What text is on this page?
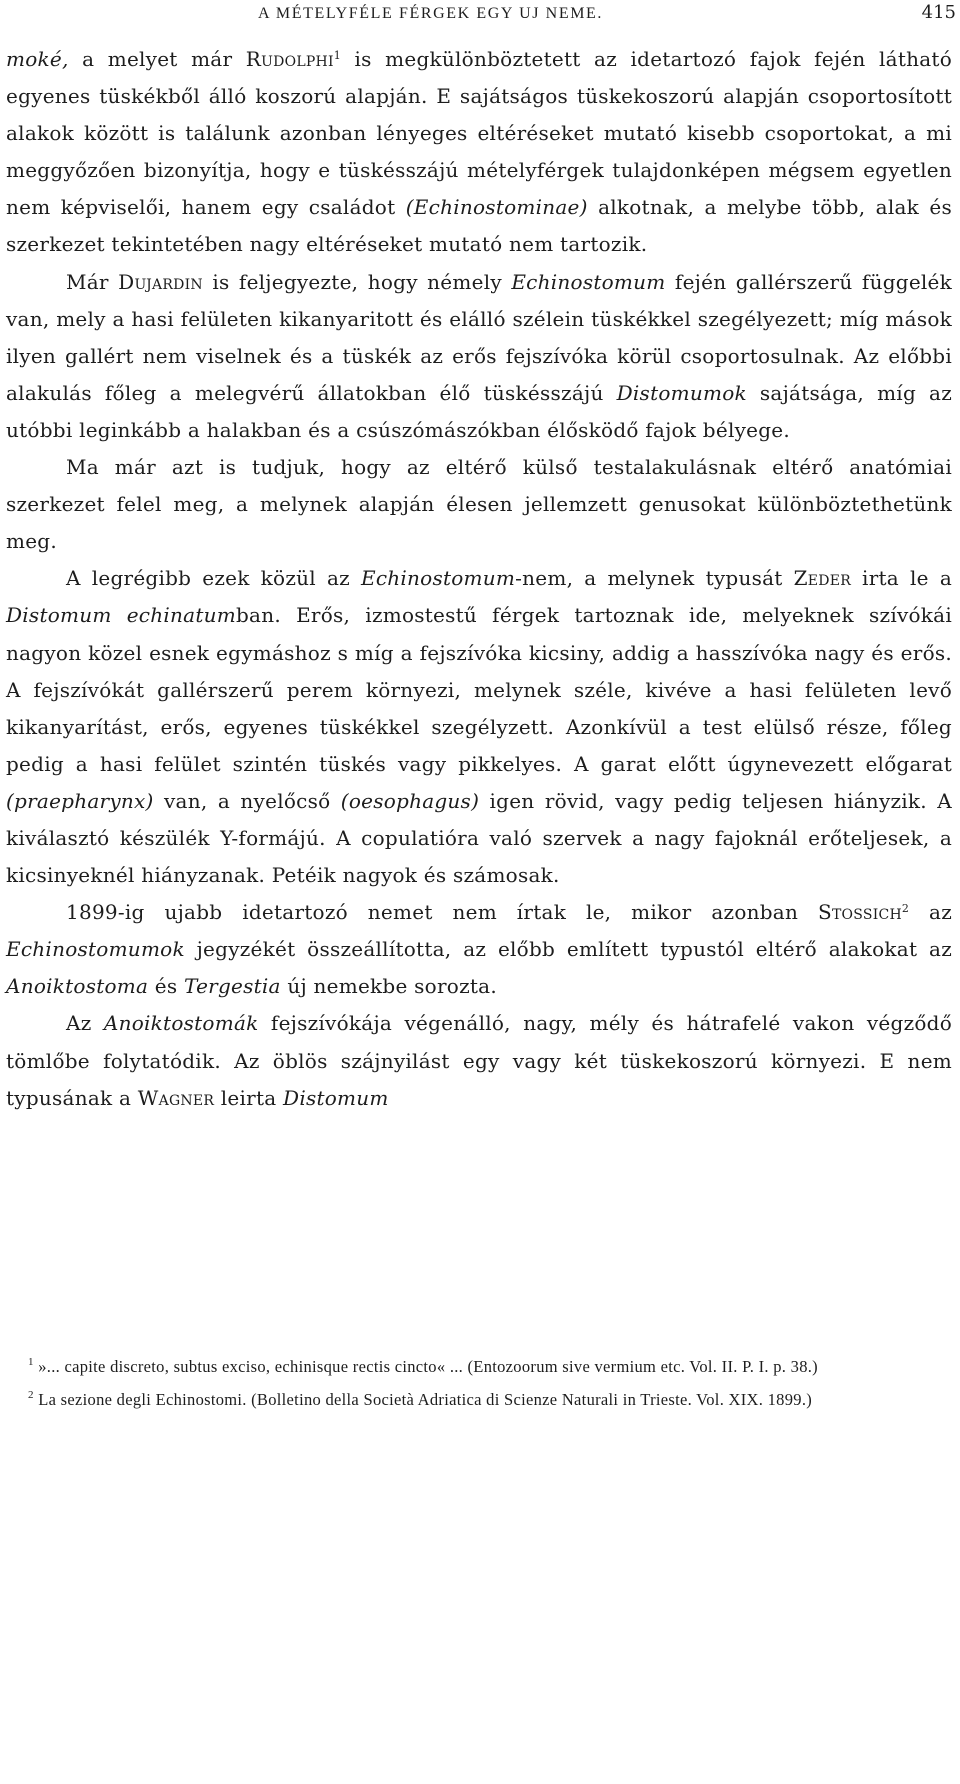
A MÉTELYFÉLE FÉRGEK EGY UJ NEME.	415

moké, a melyet már Rudolphi$^1$ is megkülönböztetett az idetartozó fajok fején látható egyenes tüskékből álló koszorú alapján. E sajátságos tüskekoszorú alapján csoportosított alakok között is találunk azonban lényeges eltéréseket mutató kisebb csoportokat, a mi meggyőzően bizonyítja, hogy e tüskésszájú mételyférgek tulajdonképen mégsem egyetlen nem képviselői, hanem egy családot (Echinostominae) alkotnak, a melybe több, alak és szerkezet tekintetében nagy eltéréseket mutató nem tartozik.

Már Dujardin is feljegyezte, hogy némely Echinostomum fején gallérszerű függelék van, mely a hasi felületen kikanyaritott és elálló szélein tüskékkel szegélyezett; míg mások ilyen gallért nem viselnek és a tüskék az erős fejszívóka körül csoportosulnak. Az előbbi alakulás főleg a melegvérű állatokban élő tüskésszájú Distomumok sajátsága, míg az utóbbi leginkább a halakban és a csúszómászókban élősködő fajok bélyege.

Ma már azt is tudjuk, hogy az eltérő külső testalakulásnak eltérő anatómiai szerkezet felel meg, a melynek alapján élesen jellemzett genusokat különböztethetünk meg.

A legrégibb ezek közül az Echinostomum-nem, a melynek typusát Zeder irta le a Distomum echinatumban. Erős, izmostestű férgek tartoznak ide, melyeknek szívókái nagyon közel esnek egymáshoz s míg a fejszívóka kicsiny, addig a hasszívóka nagy és erős. A fejszívókát gallérszerű perem környezi, melynek széle, kivéve a hasi felületen levő kikanyarítást, erős, egyenes tüskékkel szegélyzett. Azonkívül a test elülső része, főleg pedig a hasi felület szintén tüskés vagy pikkelyes. A garat előtt úgynevezett előgarat (praepharynx) van, a nyelőcső (oesophagus) igen rövid, vagy pedig teljesen hiányzik. A kiválasztó készülék Y-formájú. A copulatióra való szervek a nagy fajoknál erőteljesek, a kicsinyeknél hiányzanak. Petéik nagyok és számosak.

1899-ig ujabb idetartozó nemet nem írtak le, mikor azonban Stossich$^2$ az Echinostomumok jegyzékét összeállította, az előbb említett typustól eltérő alakokat az Anoiktostoma és Tergestia új nemekbe sorozta.

Az Anoiktostomák fejszívókája végenálló, nagy, mély és hátrafelé vakon végződő tömlőbe folytatódik. Az öblös szájnyilást egy vagy két tüskekoszorú környezi. E nem typusának a Wagner leirta Distomum

$^1$ »... capite discreto, subtus exciso, echinisque rectis cincto« ... (Entozoorum sive vermium etc. Vol. II. P. I. p. 38.)

$^2$ La sezione degli Echinostomi. (Bolletino della Società Adriatica di Scienze Naturali in Trieste. Vol. XIX. 1899.)
